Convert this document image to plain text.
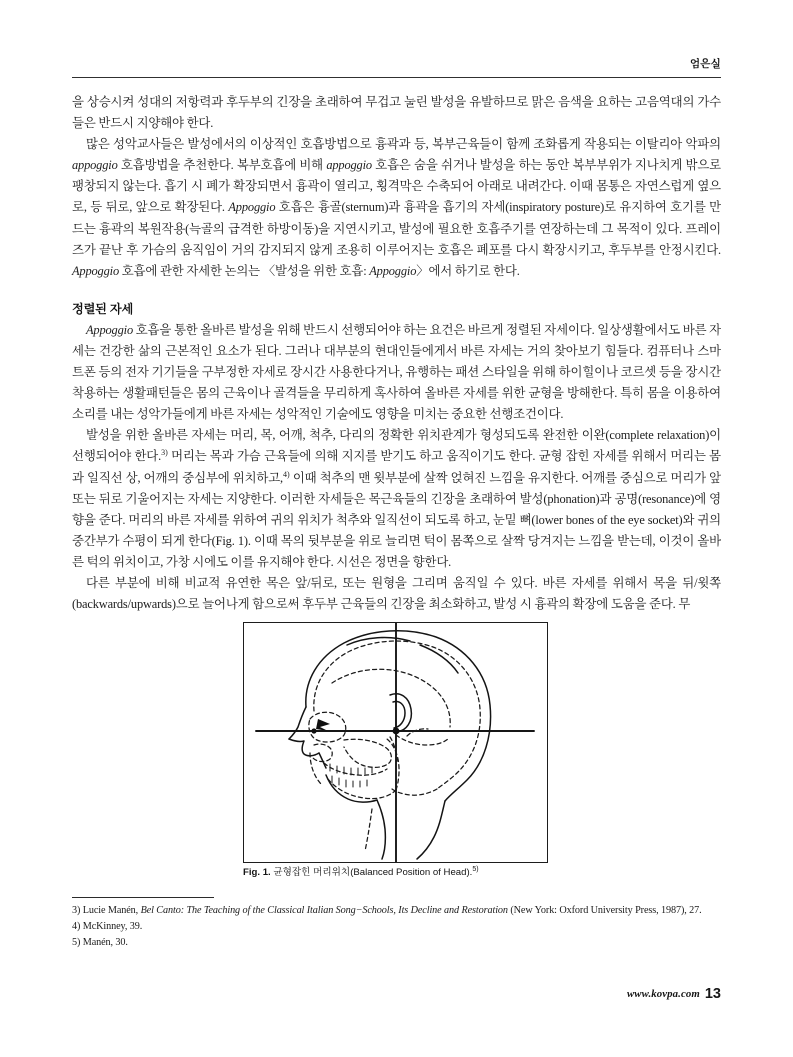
엄은실

을 상승시켜 성대의 저항력과 후두부의 긴장을 초래하여 무겁고 눌린 발성을 유발하므로 맑은 음색을 요하는 고음역대의 가수들은 반드시 지양해야 한다.

많은 성악교사들은 발성에서의 이상적인 호흡방법으로 흉곽과 등, 복부근육들이 함께 조화롭게 작용되는 이탈리아 악파의 appoggio 호흡방법을 추천한다. 복부호흡에 비해 appoggio 호흡은 숨을 쉬거나 발성을 하는 동안 복부부위가 지나치게 밖으로 팽창되지 않는다. 흡기 시 폐가 확장되면서 흉곽이 열리고, 횡격막은 수축되어 아래로 내려간다. 이때 몸통은 자연스럽게 옆으로, 등 뒤로, 앞으로 확장된다. Appoggio 호흡은 흉골(sternum)과 흉곽을 흡기의 자세(inspiratory posture)로 유지하여 호기를 만드는 흉곽의 복원작용(늑골의 급격한 하방이동)을 지연시키고, 발성에 필요한 호흡주기를 연장하는데 그 목적이 있다. 프레이즈가 끝난 후 가슴의 움직임이 거의 감지되지 않게 조용히 이루어지는 호흡은 폐포를 다시 확장시키고, 후두부를 안정시킨다. Appoggio 호흡에 관한 자세한 논의는 〈발성을 위한 호흡: Appoggio〉에서 하기로 한다.

정렬된 자세

Appoggio 호흡을 통한 올바른 발성을 위해 반드시 선행되어야 하는 요건은 바르게 정렬된 자세이다. 일상생활에서도 바른 자세는 건강한 삶의 근본적인 요소가 된다. 그러나 대부분의 현대인들에게서 바른 자세는 거의 찾아보기 힘들다. 컴퓨터나 스마트폰 등의 전자 기기들을 구부정한 자세로 장시간 사용한다거나, 유행하는 패션 스타일을 위해 하이힐이나 코르셋 등을 장시간 착용하는 생활패턴들은 몸의 근육이나 골격들을 무리하게 혹사하여 올바른 자세를 위한 균형을 방해한다. 특히 몸을 이용하여 소리를 내는 성악가들에게 바른 자세는 성악적인 기술에도 영향을 미치는 중요한 선행조건이다.

발성을 위한 올바른 자세는 머리, 목, 어깨, 척추, 다리의 정확한 위치관계가 형성되도록 완전한 이완(complete relaxation)이 선행되어야 한다.$^{3)}$ 머리는 목과 가슴 근육들에 의해 지지를 받기도 하고 움직이기도 한다. 균형 잡힌 자세를 위해서 머리는 몸과 일직선 상, 어깨의 중심부에 위치하고,$^{4)}$ 이때 척추의 맨 윗부분에 살짝 얹혀진 느낌을 유지한다. 어깨를 중심으로 머리가 앞 또는 뒤로 기울어지는 자세는 지양한다. 이러한 자세들은 목근육들의 긴장을 초래하여 발성(phonation)과 공명(resonance)에 영향을 준다. 머리의 바른 자세를 위하여 귀의 위치가 척추와 일직선이 되도록 하고, 눈밑 뼈(lower bones of the eye socket)와 귀의 중간부가 수평이 되게 한다(Fig. 1). 이때 목의 뒷부분을 위로 늘리면 턱이 몸쪽으로 살짝 당겨지는 느낌을 받는데, 이것이 올바른 턱의 위치이고, 가창 시에도 이를 유지해야 한다. 시선은 정면을 향한다.

다른 부분에 비해 비교적 유연한 목은 앞/뒤로, 또는 원형을 그리며 움직일 수 있다. 바른 자세를 위해서 목을 뒤/윗쪽(backwards/upwards)으로 늘어나게 함으로써 후두부 근육들의 긴장을 최소화하고, 발성 시 흉곽의 확장에 도움을 준다. 무

Fig. 1. 균형잡힌 머리위치(Balanced Position of Head).$^{5)}$
3) Lucie Manén, Bel Canto: The Teaching of the Classical Italian Song−Schools, Its Decline and Restoration (New York: Oxford University Press, 1987), 27.
4) McKinney, 39.
5) Manén, 30.
www.kovpa.com 13
